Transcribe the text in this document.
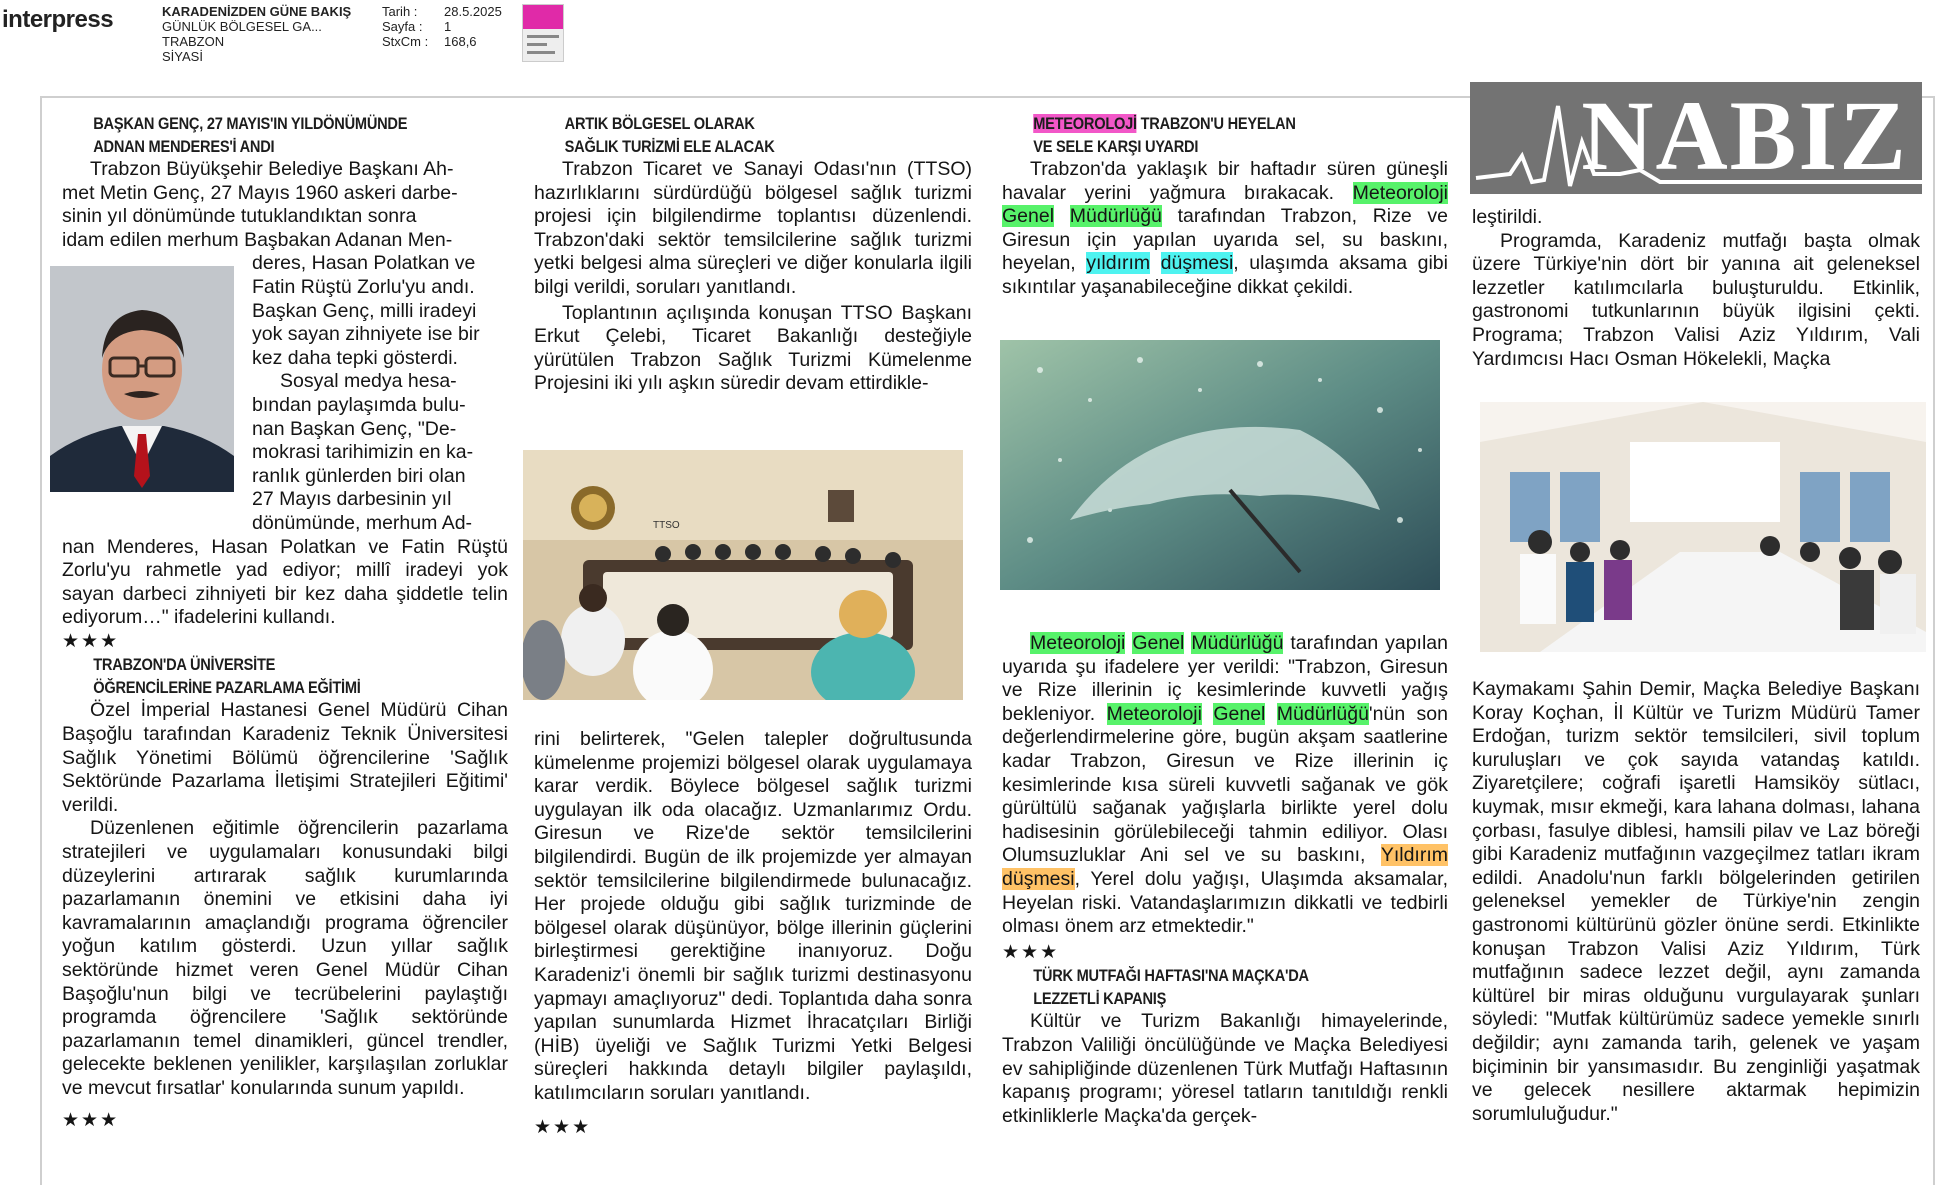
interpress	KARADENİZDEN GÜNE BAKIŞ
GÜNLÜK BÖLGESEL GA...
TRABZON
SİYASİ
Tarih :	28.5.2025
Sayfa :	1
StxCm :	168,6
NABIZ

BAŞKAN GENÇ, 27 MAYIS'IN YILDÖNÜMÜNDE

ADNAN MENDERES'İ ANDI

Trabzon Büyükşehir Belediye Başkanı Ah-

met Metin Genç, 27 Mayıs 1960 askeri darbe-

sinin yıl dönümünde tutuklandıktan sonra

idam edilen merhum Başbakan Adanan Men-

deres, Hasan Polatkan ve

Fatin Rüştü Zorlu'yu andı.

Başkan Genç, milli iradeyi

yok sayan zihniyete ise bir

kez daha tepki gösterdi.

Sosyal medya hesa-

bından paylaşımda bulu-

nan Başkan Genç, "De-

mokrasi tarihimizin en ka-

ranlık günlerden biri olan

27 Mayıs darbesinin yıl

dönümünde, merhum Ad-

nan Menderes, Hasan Polatkan ve Fatin Rüştü Zorlu'yu rahmetle yad ediyor; millî iradeyi yok sayan darbeci zihniyeti bir kez daha şiddetle telin ediyorum…" ifadelerini kullandı.

★★★

TRABZON'DA ÜNİVERSİTE

ÖĞRENCİLERİNE PAZARLAMA EĞİTİMİ

Özel İmperial Hastanesi Genel Müdürü Cihan Başoğlu tarafından Karadeniz Teknik Üniversitesi Sağlık Yönetimi Bölümü öğrencilerine 'Sağlık Sektöründe Pazarlama İletişimi Stratejileri Eğitimi' verildi.

Düzenlenen eğitimle öğrencilerin pazarlama stratejileri ve uygulamaları konusundaki bilgi düzeylerini artırarak sağlık kurumlarında pazarlamanın önemini ve etkisini daha iyi kavramalarının amaçlandığı programa öğrenciler yoğun katılım gösterdi. Uzun yıllar sağlık sektöründe hizmet veren Genel Müdür Cihan Başoğlu'nun bilgi ve tecrübelerini paylaştığı programda öğrencilere 'Sağlık sektöründe pazarlamanın temel dinamikleri, güncel trendler, gelecekte beklenen yenilikler, karşılaşılan zorluklar ve mevcut fırsatlar' konularında sunum yapıldı.

★★★

ARTIK BÖLGESEL OLARAK

SAĞLIK TURİZMİ ELE ALACAK

Trabzon Ticaret ve Sanayi Odası'nın (TTSO) hazırlıklarını sürdürdüğü bölgesel sağlık turizmi projesi için bilgilendirme toplantısı düzenlendi. Trabzon'daki sektör temsilcilerine sağlık turizmi yetki belgesi alma süreçleri ve diğer konularla ilgili bilgi verildi, soruları yanıtlandı.

Toplantının açılışında konuşan TTSO Başkanı Erkut Çelebi, Ticaret Bakanlığı desteğiyle yürütülen Trabzon Sağlık Turizmi Kümelenme Projesini iki yılı aşkın süredir devam ettirdikle-

TTSO

rini belirterek, "Gelen talepler doğrultusunda kümelenme projemizi bölgesel olarak uygulamaya karar verdik. Böylece bölgesel sağlık turizmi uygulayan ilk oda olacağız. Uzmanlarımız Ordu. Giresun ve Rize'de sektör temsilcilerini bilgilendirdi. Bugün de ilk projemizde yer almayan sektör temsilcilerine bilgilendirmede bulunacağız. Her projede olduğu gibi sağlık turizminde de bölgesel olarak düşünüyor, bölge illerinin güçlerini birleştirmesi gerektiğine inanıyoruz. Doğu Karadeniz'i önemli bir sağlık turizmi destinasyonu yapmayı amaçlıyoruz" dedi. Toplantıda daha sonra yapılan sunumlarda Hizmet İhracatçıları Birliği (HİB) üyeliği ve Sağlık Turizmi Yetki Belgesi süreçleri hakkında detaylı bilgiler paylaşıldı, katılımcıların soruları yanıtlandı.

★★★

METEOROLOJİ TRABZON'U HEYELAN

VE SELE KARŞI UYARDI

Trabzon'da yaklaşık bir haftadır süren güneşli havalar yerini yağmura bırakacak. Meteoroloji Genel Müdürlüğü tarafından Trabzon, Rize ve Giresun için yapılan uyarıda sel, su baskını, heyelan, yıldırım düşmesi, ulaşımda aksama gibi sıkıntılar yaşanabileceğine dikkat çekildi.

Meteoroloji Genel Müdürlüğü tarafından yapılan uyarıda şu ifadelere yer verildi: "Trabzon, Giresun ve Rize illerinin iç kesimlerinde kuvvetli yağış bekleniyor. Meteoroloji Genel Müdürlüğü'nün son değerlendirmelerine göre, bugün akşam saatlerine kadar Trabzon, Giresun ve Rize illerinin iç kesimlerinde kısa süreli kuvvetli sağanak ve gök gürültülü sağanak yağışlarla birlikte yerel dolu hadisesinin görülebileceği tahmin ediliyor. Olası Olumsuzluklar Ani sel ve su baskını, Yıldırım düşmesi, Yerel dolu yağışı, Ulaşımda aksamalar, Heyelan riski. Vatandaşlarımızın dikkatli ve tedbirli olması önem arz etmektedir."

★★★

TÜRK MUTFAĞI HAFTASI'NA MAÇKA'DA

LEZZETLİ KAPANIŞ

Kültür ve Turizm Bakanlığı himayelerinde, Trabzon Valiliği öncülüğünde ve Maçka Belediyesi ev sahipliğinde düzenlenen Türk Mutfağı Haftasının kapanış programı; yöresel tatların tanıtıldığı renkli etkinliklerle Maçka'da gerçek-

leştirildi.

Programda, Karadeniz mutfağı başta olmak üzere Türkiye'nin dört bir yanına ait geleneksel lezzetler katılımcılarla buluşturuldu. Etkinlik, gastronomi tutkunlarının büyük ilgisini çekti. Programa; Trabzon Valisi Aziz Yıldırım, Vali Yardımcısı Hacı Osman Hökelekli, Maçka

Kaymakamı Şahin Demir, Maçka Belediye Başkanı Koray Koçhan, İl Kültür ve Turizm Müdürü Tamer Erdoğan, turizm sektör temsilcileri, sivil toplum kuruluşları ve çok sayıda vatandaş katıldı. Ziyaretçilere; coğrafi işaretli Hamsiköy sütlacı, kuymak, mısır ekmeği, kara lahana dolması, lahana çorbası, fasulye diblesi, hamsili pilav ve Laz böreği gibi Karadeniz mutfağının vazgeçilmez tatları ikram edildi. Anadolu'nun farklı bölgelerinden getirilen geleneksel yemekler de Türkiye'nin zengin gastronomi kültürünü gözler önüne serdi. Etkinlikte konuşan Trabzon Valisi Aziz Yıldırım, Türk mutfağının sadece lezzet değil, aynı zamanda kültürel bir miras olduğunu vurgulayarak şunları söyledi: "Mutfak kültürümüz sadece yemekle sınırlı değildir; aynı zamanda tarih, gelenek ve yaşam biçiminin bir yansımasıdır. Bu zenginliği yaşatmak ve gelecek nesillere aktarmak hepimizin sorumluluğudur."
